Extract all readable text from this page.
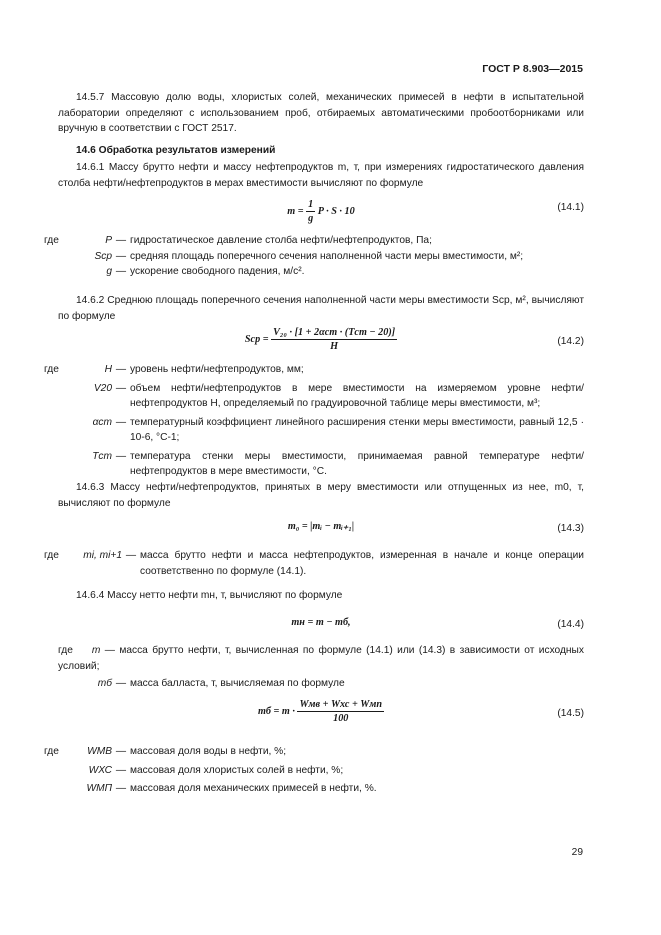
ГОСТ Р 8.903—2015
14.5.7 Массовую долю воды, хлористых солей, механических примесей в нефти в испытательной лаборатории определяют с использованием проб, отбираемых автоматическими пробоотборниками или вручную в соответствии с ГОСТ 2517.
14.6 Обработка результатов измерений
14.6.1 Массу брутто нефти и массу нефтепродуктов m, т, при измерениях гидростатического давления столба нефти/нефтепродуктов в мерах вместимости вычисляют по формуле
$m = \frac{1}{g}$ P · S · 10	(14.1)
где	P — гидростатическое давление столба нефти/нефтепродуктов, Па;
Sср — средняя площадь поперечного сечения наполненной части меры вместимости, м²;
g — ускорение свободного падения, м/с².
14.6.2 Среднюю площадь поперечного сечения наполненной части меры вместимости Sср, м², вычисляют по формуле
Sср = $\frac{\text{V₂₀ · [1 + 2αст · (Tст − 20)]}}{H}$	(14.2)
где	H — уровень нефти/нефтепродуктов, мм;
V20 — объем нефти/нефтепродуктов в мере вместимости на измеряемом уровне нефти/нефтепродуктов H, определяемый по градуировочной таблице меры вместимости, м³;
αст — температурный коэффициент линейного расширения стенки меры вместимости, равный 12,5 · 10-6, °С-1;
Tст — температура стенки меры вместимости, принимаемая равной температуре нефти/нефтепродуктов в мере вместимости, °С.
14.6.3 Массу нефти/нефтепродуктов, принятых в меру вместимости или отпущенных из нее, m0, т, вычисляют по формуле
m₀ = |mᵢ − mᵢ₊₁|	(14.3)
где	mi, mi+1 — масса брутто нефти и масса нефтепродуктов, измеренная в начале и конце операции соответственно по формуле (14.1).
14.6.4 Массу нетто нефти mн, т, вычисляют по формуле
mн = m − mб,	(14.4)
где m — масса брутто нефти, т, вычисленная по формуле (14.1) или (14.3) в зависимости от исходных условий;
mб — масса балласта, т, вычисляемая по формуле
mб = $m \cdot \frac{\text{Wмв + Wхс + Wмп}}{100}$	(14.5)
где	WМВ — массовая доля воды в нефти, %;
WХС — массовая доля хлористых солей в нефти, %;
WМП — массовая доля механических примесей в нефти, %.
29
